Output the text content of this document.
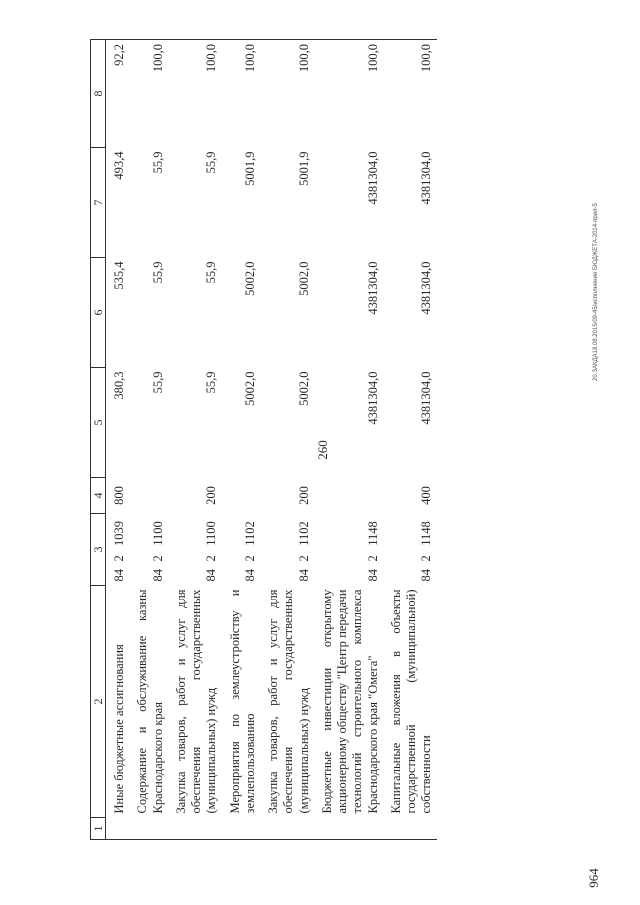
260
20.ЗАКДА18.08.2015/09-45/исполнение БЮДЖЕТА-2014-прил-5
1	2	3			4	5	6	7	8
	Иные бюджетные ассигнования	84	2	1039	800	380,3	535,4	493,4	92,2
	Содержание и обслуживание казны Краснодарского края	84	2	1100		55,9	55,9	55,9	100,0
	Закупка товаров, работ и услуг для обеспечения государственных (муниципальных) нужд	84	2	1100	200	55,9	55,9	55,9	100,0
	Мероприятия по землеустройству и землепользованию	84	2	1102		5002,0	5002,0	5001,9	100,0
	Закупка товаров, работ и услуг для обеспечения государственных (муниципальных) нужд	84	2	1102	200	5002,0	5002,0	5001,9	100,0
	Бюджетные инвестиции открытому акционерному обществу "Центр передачи технологий строительного комплекса Краснодарского края "Омега"	84	2	1148		4381304,0	4381304,0	4381304,0	100,0
	Капитальные вложения в объекты государственной (муниципальной) собственности	84	2	1148	400	4381304,0	4381304,0	4381304,0	100,0
964
